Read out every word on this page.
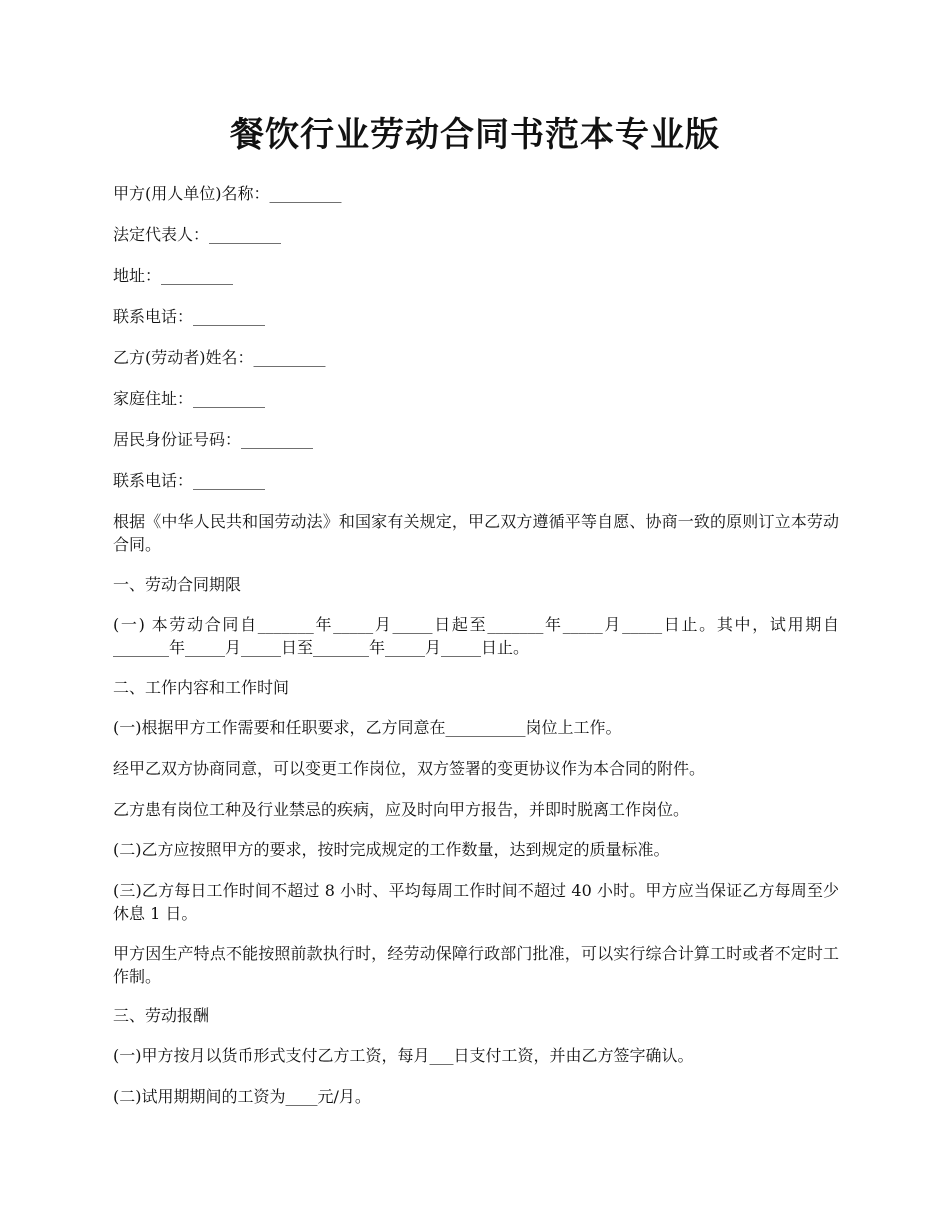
餐饮行业劳动合同书范本专业版

甲方(用人单位)名称：_________

法定代表人：_________

地址：_________

联系电话：_________

乙方(劳动者)姓名：_________

家庭住址：_________

居民身份证号码：_________

联系电话：_________

根据《中华人民共和国劳动法》和国家有关规定，甲乙双方遵循平等自愿、协商一致的原则订立本劳动合同。

一、劳动合同期限

(一) 本劳动合同自_______年_____月_____日起至_______年_____月_____日止。其中，试用期自_______年_____月_____日至_______年_____月_____日止。

二、工作内容和工作时间

(一)根据甲方工作需要和任职要求，乙方同意在__________岗位上工作。

经甲乙双方协商同意，可以变更工作岗位，双方签署的变更协议作为本合同的附件。

乙方患有岗位工种及行业禁忌的疾病，应及时向甲方报告，并即时脱离工作岗位。

(二)乙方应按照甲方的要求，按时完成规定的工作数量，达到规定的质量标准。

(三)乙方每日工作时间不超过 8 小时、平均每周工作时间不超过 40 小时。甲方应当保证乙方每周至少休息 1 日。

甲方因生产特点不能按照前款执行时，经劳动保障行政部门批准，可以实行综合计算工时或者不定时工作制。

三、劳动报酬

(一)甲方按月以货币形式支付乙方工资，每月___日支付工资，并由乙方签字确认。

(二)试用期期间的工资为____元/月。
